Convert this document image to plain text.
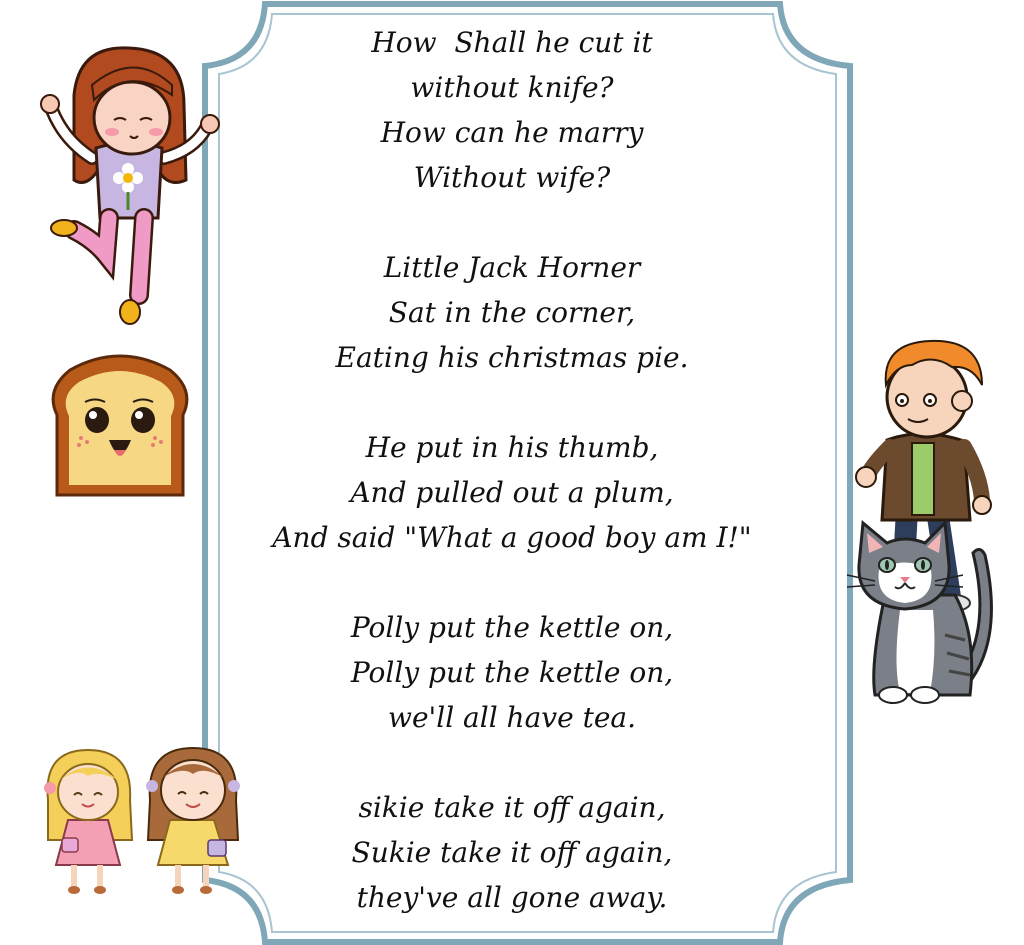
How  Shall he cut it
without knife?
How can he marry
Without wife?
Little Jack Horner
Sat in the corner,
Eating his christmas pie.
He put in his thumb,
And pulled out a plum,
And said "What a good boy am I!"
Polly put the kettle on,
Polly put the kettle on,
we'll all have tea.
sikie take it off again,
Sukie take it off again,
they've all gone away.
